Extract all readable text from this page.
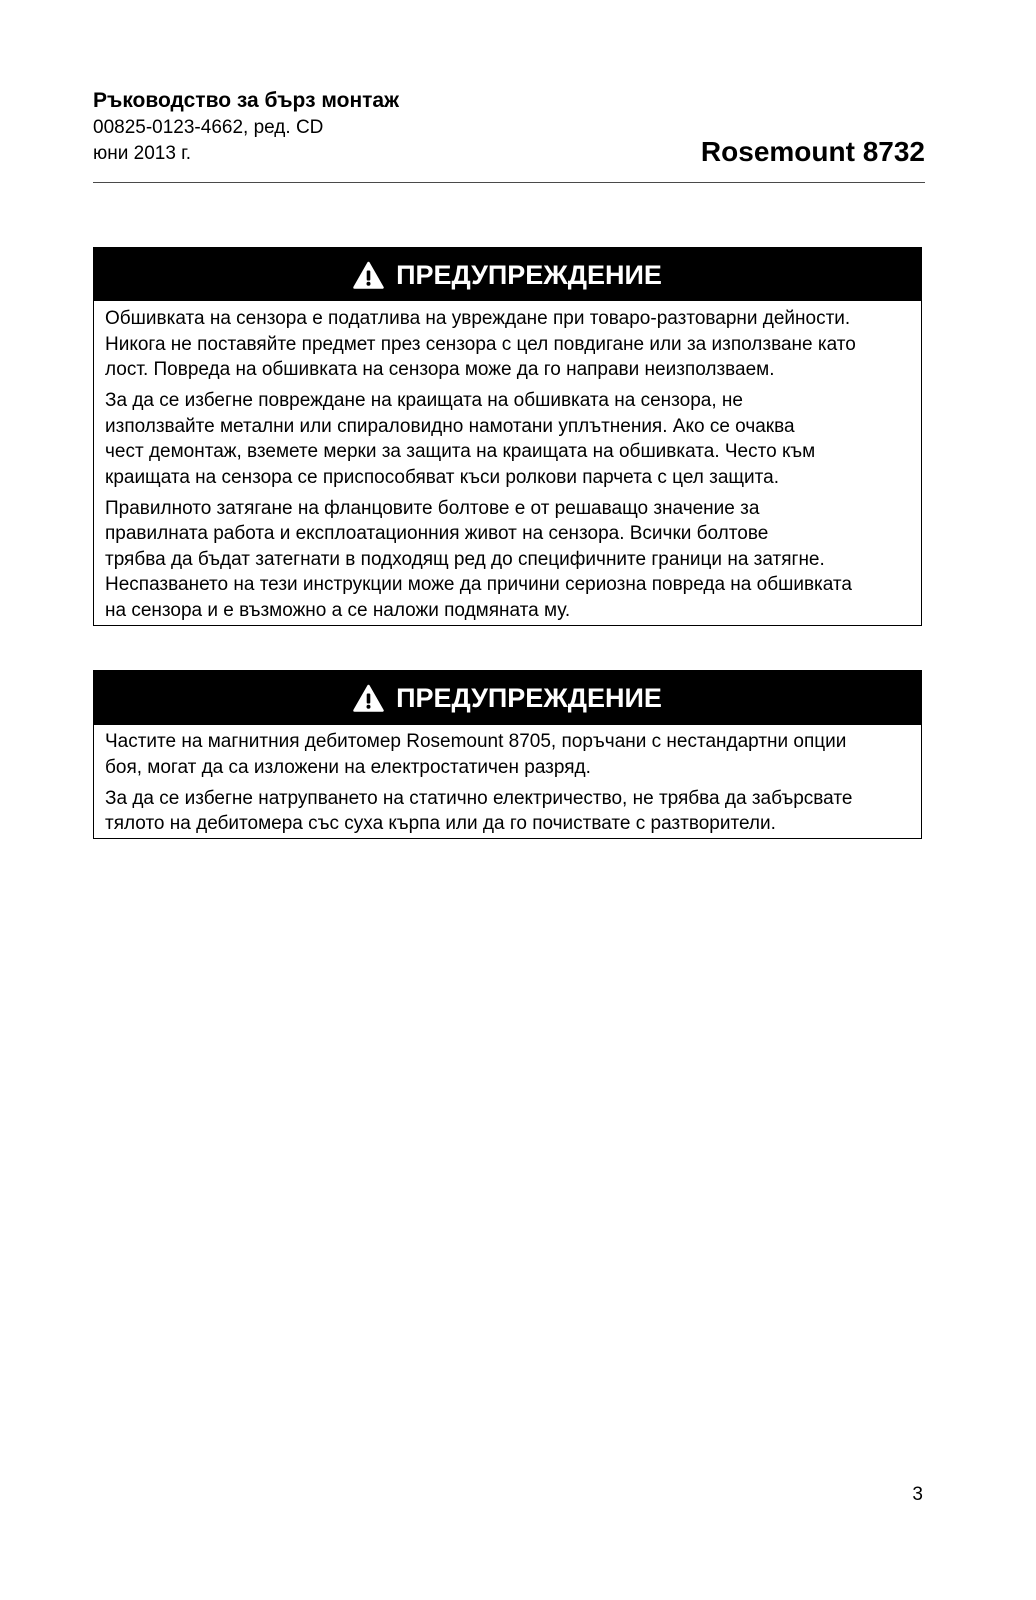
Ръководство за бърз монтаж
00825-0123-4662, ред. CD
юни 2013 г.	Rosemount 8732
ПРЕДУПРЕЖДЕНИЕ
Обшивката на сензора е податлива на увреждане при товаро-разтоварни дейности.
Никога не поставяйте предмет през сензора с цел повдигане или за използване като
лост. Повреда на обшивката на сензора може да го направи неизползваем.
За да се избегне повреждане на краищата на обшивката на сензора, не
използвайте метални или спираловидно намотани уплътнения. Ако се очаква
чест демонтаж, вземете мерки за защита на краищата на обшивката. Често към
краищата на сензора се приспособяват къси ролкови парчета с цел защита.
Правилното затягане на фланцовите болтове е от решаващо значение за
правилната работа и експлоатационния живот на сензора. Всички болтове
трябва да бъдат затегнати в подходящ ред до специфичните граници на затягне.
Неспазването на тези инструкции може да причини сериозна повреда на обшивката
на сензора и е възможно а се наложи подмяната му.
ПРЕДУПРЕЖДЕНИЕ
Частите на магнитния дебитомер Rosemount 8705, поръчани с нестандартни опции
боя, могат да са изложени на електростатичен разряд.
За да се избегне натрупването на статично електричество, не трябва да забърсвате
тялото на дебитомера със суха кърпа или да го почиствате с разтворители.
3
